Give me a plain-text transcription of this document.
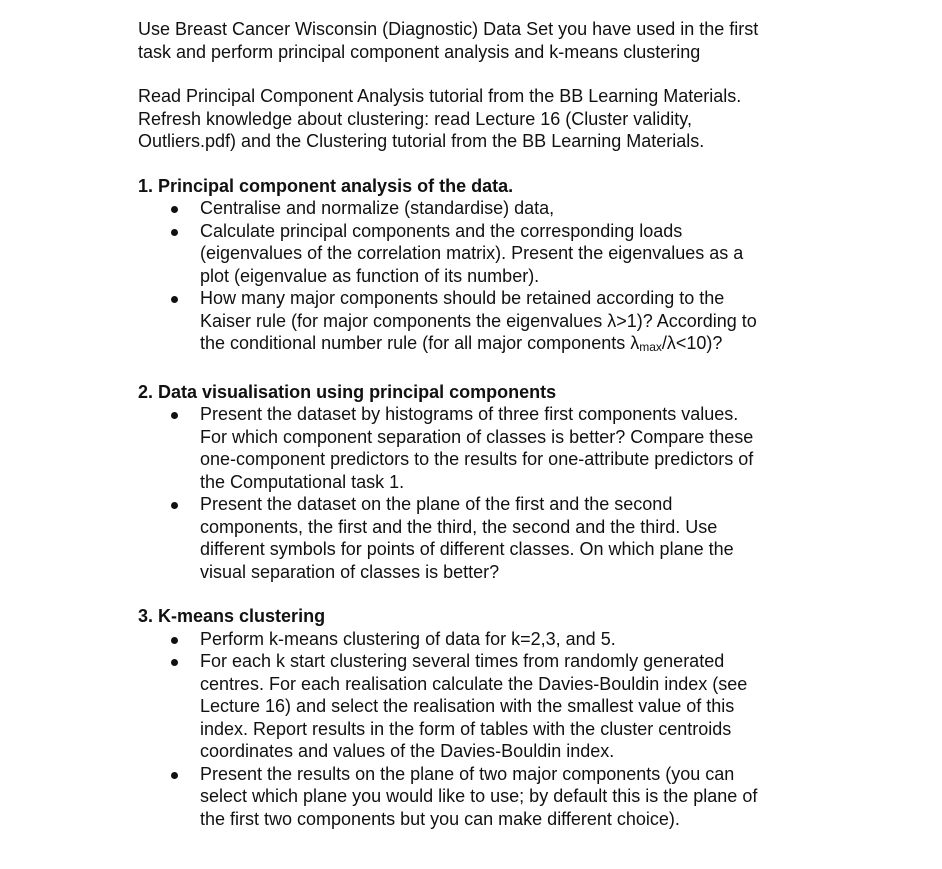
Use Breast Cancer Wisconsin (Diagnostic) Data Set you have used in the first
task and perform principal component analysis and k-means clustering

Read Principal Component Analysis tutorial from the BB Learning Materials.
Refresh knowledge about clustering: read Lecture 16 (Cluster validity,
Outliers.pdf) and the Clustering tutorial from the BB Learning Materials.

1. Principal component analysis of the data.

Centralise and normalize (standardise) data,
Calculate principal components and the corresponding loads
(eigenvalues of the correlation matrix). Present the eigenvalues as a
plot (eigenvalue as function of its number).
How many major components should be retained according to the
Kaiser rule (for major components the eigenvalues λ>1)? According to
the conditional number rule (for all major components λmax/λ<10)?

2. Data visualisation using principal components

Present the dataset by histograms of three first components values.
For which component separation of classes is better? Compare these
one-component predictors to the results for one-attribute predictors of
the Computational task 1.
Present the dataset on the plane of the first and the second
components, the first and the third, the second and the third. Use
different symbols for points of different classes. On which plane the
visual separation of classes is better?

3. K-means clustering

Perform k-means clustering of data for k=2,3, and 5.
For each k start clustering several times from randomly generated
centres. For each realisation calculate the Davies-Bouldin index (see
Lecture 16) and select the realisation with the smallest value of this
index. Report results in the form of tables with the cluster centroids
coordinates and values of the Davies-Bouldin index.
Present the results on the plane of two major components (you can
select which plane you would like to use; by default this is the plane of
the first two components but you can make different choice).
